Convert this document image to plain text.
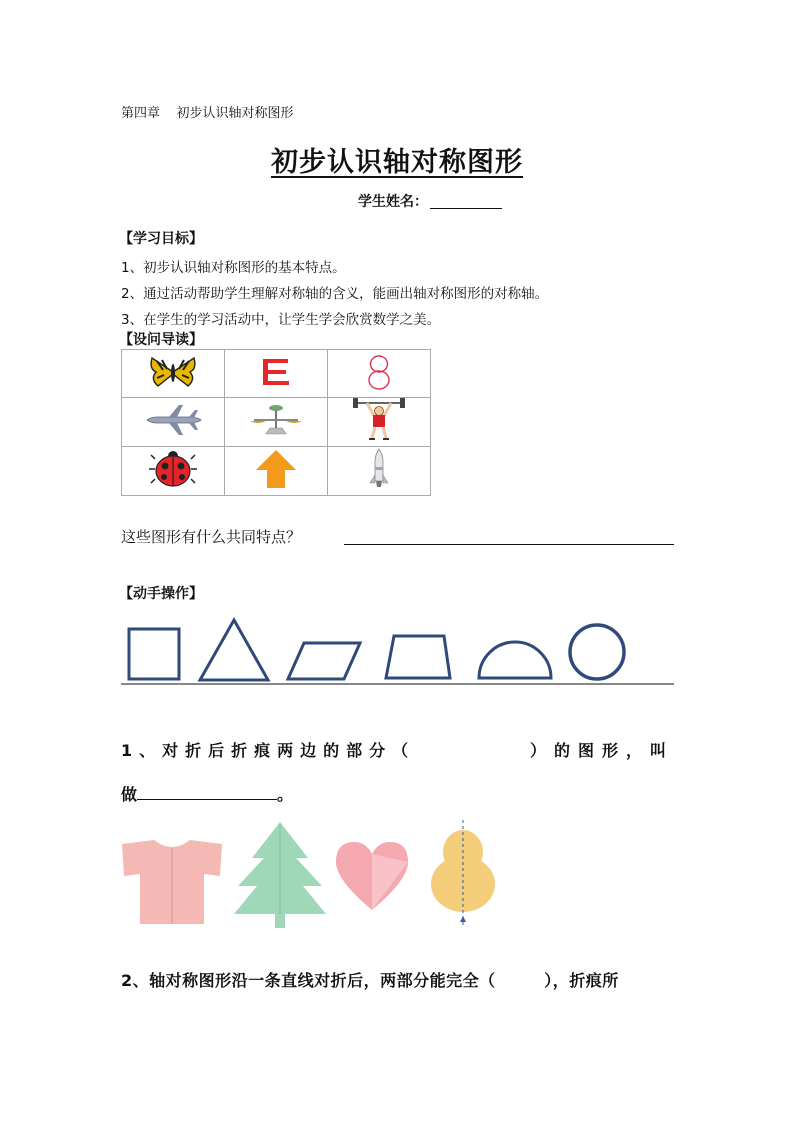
第四章    初步认识轴对称图形
初步认识轴对称图形
学生姓名：
【学习目标】
1、初步认识轴对称图形的基本特点。
2、通过活动帮助学生理解对称轴的含义，能画出轴对称图形的对称轴。
3、在学生的学习活动中，让学生学会欣赏数学之美。
【设问导读】

这些图形有什么共同特点？
【动手操作】
1、对折后折痕两边的部分（	）的图形，叫
做	。
2、轴对称图形沿一条直线对折后，两部分能完全（        ），折痕所
